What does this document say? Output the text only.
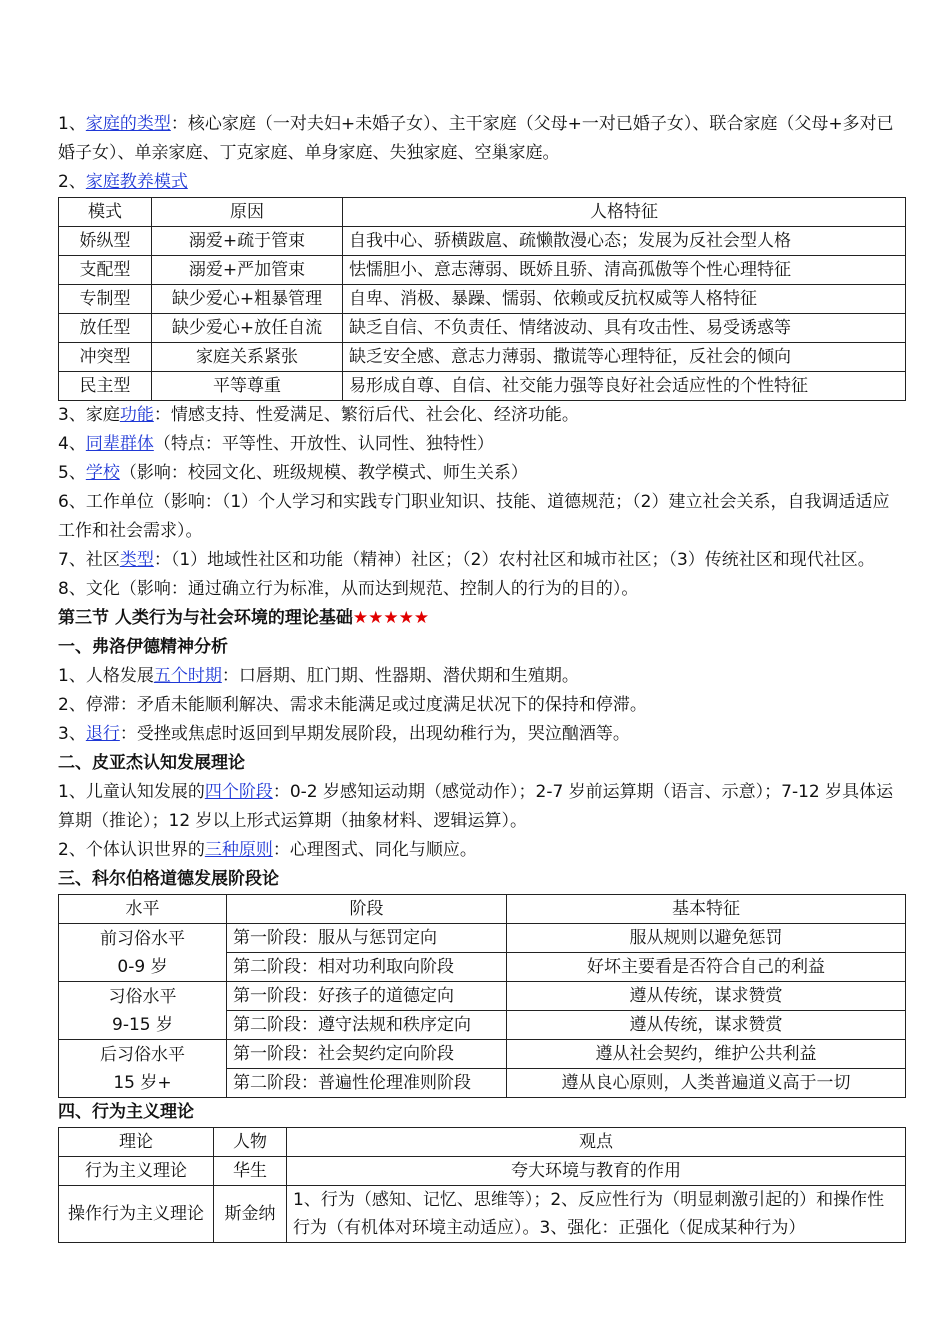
1、家庭的类型：核心家庭（一对夫妇+未婚子女）、主干家庭（父母+一对已婚子女）、联合家庭（父母+多对已婚子女）、单亲家庭、丁克家庭、单身家庭、失独家庭、空巢家庭。

2、家庭教养模式

模式	原因	人格特征
娇纵型	溺爱+疏于管束	自我中心、骄横跋扈、疏懒散漫心态；发展为反社会型人格
支配型	溺爱+严加管束	怯懦胆小、意志薄弱、既娇且骄、清高孤傲等个性心理特征
专制型	缺少爱心+粗暴管理	自卑、消极、暴躁、懦弱、依赖或反抗权威等人格特征
放任型	缺少爱心+放任自流	缺乏自信、不负责任、情绪波动、具有攻击性、易受诱惑等
冲突型	家庭关系紧张	缺乏安全感、意志力薄弱、撒谎等心理特征，反社会的倾向
民主型	平等尊重	易形成自尊、自信、社交能力强等良好社会适应性的个性特征

3、家庭功能：情感支持、性爱满足、繁衍后代、社会化、经济功能。

4、同辈群体（特点：平等性、开放性、认同性、独特性）

5、学校（影响：校园文化、班级规模、教学模式、师生关系）

6、工作单位（影响：（1）个人学习和实践专门职业知识、技能、道德规范；（2）建立社会关系，自我调适适应工作和社会需求）。

7、社区类型：（1）地域性社区和功能（精神）社区；（2）农村社区和城市社区；（3）传统社区和现代社区。

8、文化（影响：通过确立行为标准，从而达到规范、控制人的行为的目的）。

第三节 人类行为与社会环境的理论基础★★★★★

一、弗洛伊德精神分析

1、人格发展五个时期：口唇期、肛门期、性器期、潜伏期和生殖期。

2、停滞：矛盾未能顺利解决、需求未能满足或过度满足状况下的保持和停滞。

3、退行：受挫或焦虑时返回到早期发展阶段，出现幼稚行为，哭泣酗酒等。

二、皮亚杰认知发展理论

1、儿童认知发展的四个阶段：0-2 岁感知运动期（感觉动作）；2-7 岁前运算期（语言、示意）；7-12 岁具体运算期（推论）；12 岁以上形式运算期（抽象材料、逻辑运算）。

2、个体认识世界的三种原则：心理图式、同化与顺应。

三、科尔伯格道德发展阶段论

水平	阶段	基本特征

前习俗水平
0-9 岁	第一阶段：服从与惩罚定向	服从规则以避免惩罚
	第二阶段：相对功利取向阶段	好坏主要看是否符合自己的利益

习俗水平
9-15 岁	第一阶段：好孩子的道德定向	遵从传统，谋求赞赏
	第二阶段：遵守法规和秩序定向	遵从传统，谋求赞赏

后习俗水平
15 岁+	第一阶段：社会契约定向阶段	遵从社会契约，维护公共利益
	第二阶段：普遍性伦理准则阶段	遵从良心原则，人类普遍道义高于一切

四、行为主义理论

理论	人物	观点
行为主义理论	华生	夸大环境与教育的作用
操作行为主义理论	斯金纳	1、行为（感知、记忆、思维等）；2、反应性行为（明显刺激引起的）和操作性行为（有机体对环境主动适应）。3、强化：正强化（促成某种行为）
